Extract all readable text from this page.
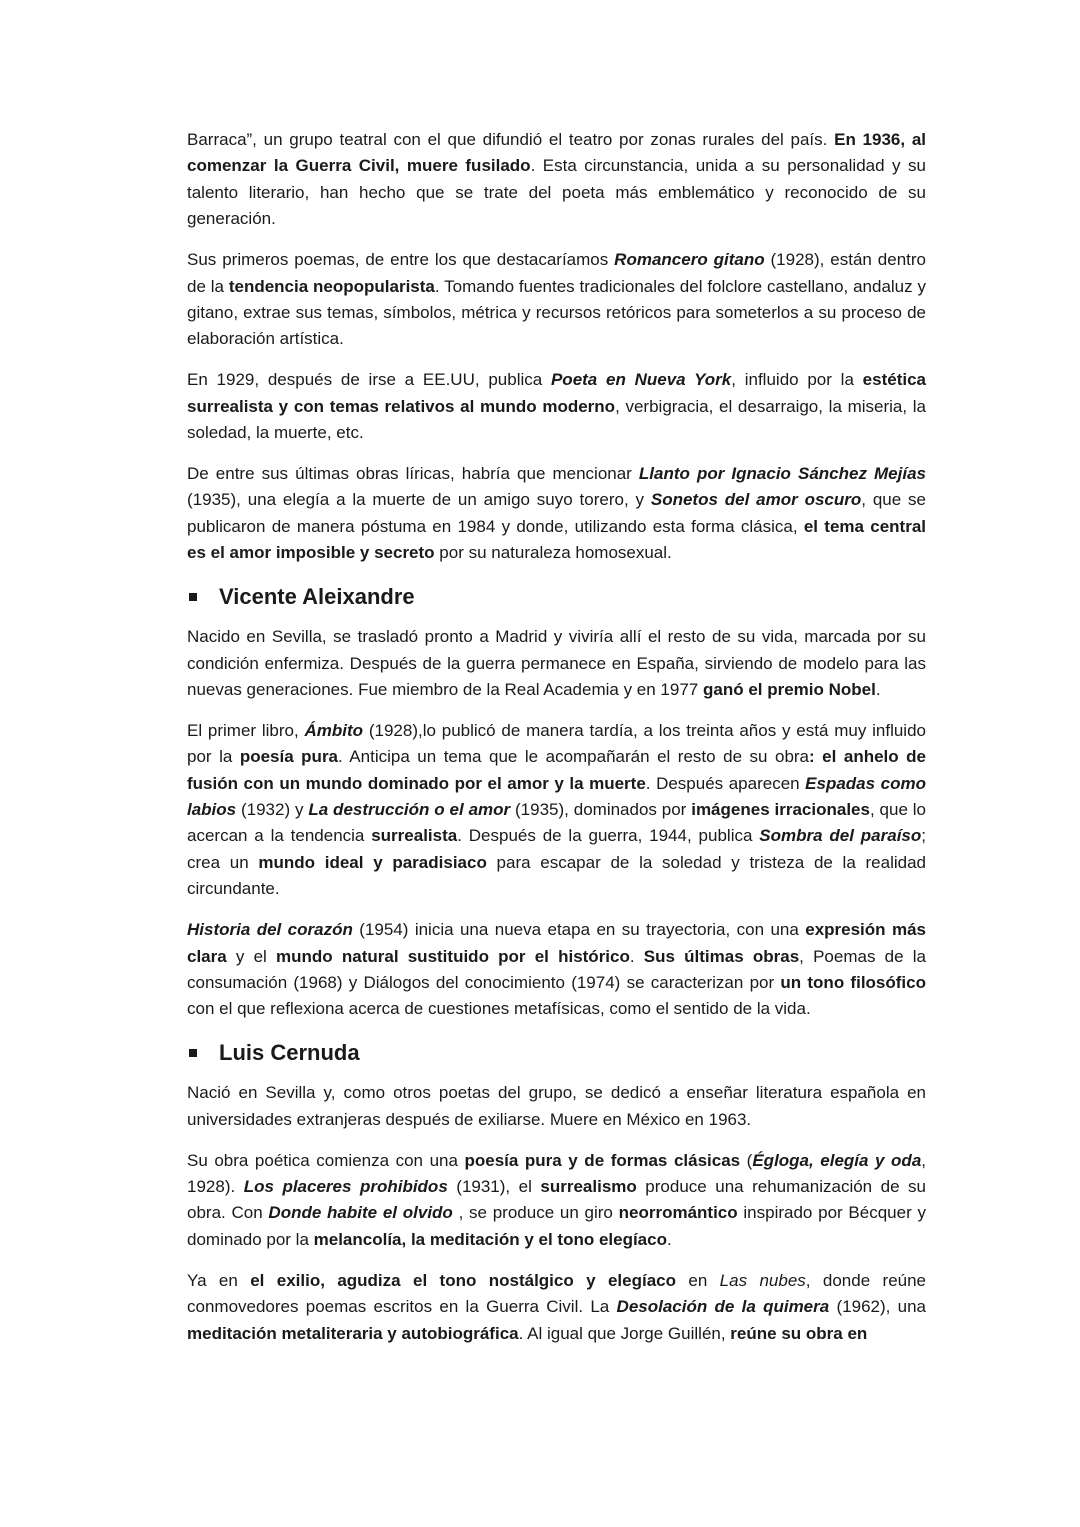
Barraca”, un grupo teatral con el que difundió el teatro por zonas rurales del país. En 1936, al comenzar la Guerra Civil, muere fusilado. Esta circunstancia, unida a su personalidad y su talento literario, han hecho que se trate del poeta más emblemático y reconocido de su generación.

Sus primeros poemas, de entre los que destacaríamos Romancero gitano (1928), están dentro de la tendencia neopopularista. Tomando fuentes tradicionales del folclore castellano, andaluz y gitano, extrae sus temas, símbolos, métrica y recursos retóricos para someterlos a su proceso de elaboración artística.

En 1929, después de irse a EE.UU, publica Poeta en Nueva York, influido por la estética surrealista y con temas relativos al mundo moderno, verbigracia, el desarraigo, la miseria, la soledad, la muerte, etc.

De entre sus últimas obras líricas, habría que mencionar Llanto por Ignacio Sánchez Mejías (1935), una elegía a la muerte de un amigo suyo torero, y Sonetos del amor oscuro, que se publicaron de manera póstuma en 1984 y donde, utilizando esta forma clásica, el tema central es el amor imposible y secreto por su naturaleza homosexual.

Vicente Aleixandre

Nacido en Sevilla, se trasladó pronto a Madrid y viviría allí el resto de su vida, marcada por su condición enfermiza. Después de la guerra permanece en España, sirviendo de modelo para las nuevas generaciones. Fue miembro de la Real Academia y en 1977 ganó el premio Nobel.

El primer libro, Ámbito (1928),lo publicó de manera tardía, a los treinta años y está muy influido por la poesía pura. Anticipa un tema que le acompañarán el resto de su obra: el anhelo de fusión con un mundo dominado por el amor y la muerte. Después aparecen Espadas como labios (1932) y La destrucción o el amor (1935), dominados por imágenes irracionales, que lo acercan a la tendencia surrealista. Después de la guerra, 1944, publica Sombra del paraíso; crea un mundo ideal y paradisiaco para escapar de la soledad y tristeza de la realidad circundante.

Historia del corazón (1954) inicia una nueva etapa en su trayectoria, con una expresión más clara y el mundo natural sustituido por el histórico. Sus últimas obras, Poemas de la consumación (1968) y Diálogos del conocimiento (1974) se caracterizan por un tono filosófico con el que reflexiona acerca de cuestiones metafísicas, como el sentido de la vida.

Luis Cernuda

Nació en Sevilla y, como otros poetas del grupo, se dedicó a enseñar literatura española en universidades extranjeras después de exiliarse. Muere en México en 1963.

Su obra poética comienza con una poesía pura y de formas clásicas (Égloga, elegía y oda, 1928). Los placeres prohibidos (1931), el surrealismo produce una rehumanización de su obra. Con Donde habite el olvido , se produce un giro neorromántico inspirado por Bécquer y dominado por la melancolía, la meditación y el tono elegíaco.

Ya en el exilio, agudiza el tono nostálgico y elegíaco en Las nubes, donde reúne conmovedores poemas escritos en la Guerra Civil. La Desolación de la quimera (1962), una meditación metaliteraria y autobiográfica. Al igual que Jorge Guillén, reúne su obra en
